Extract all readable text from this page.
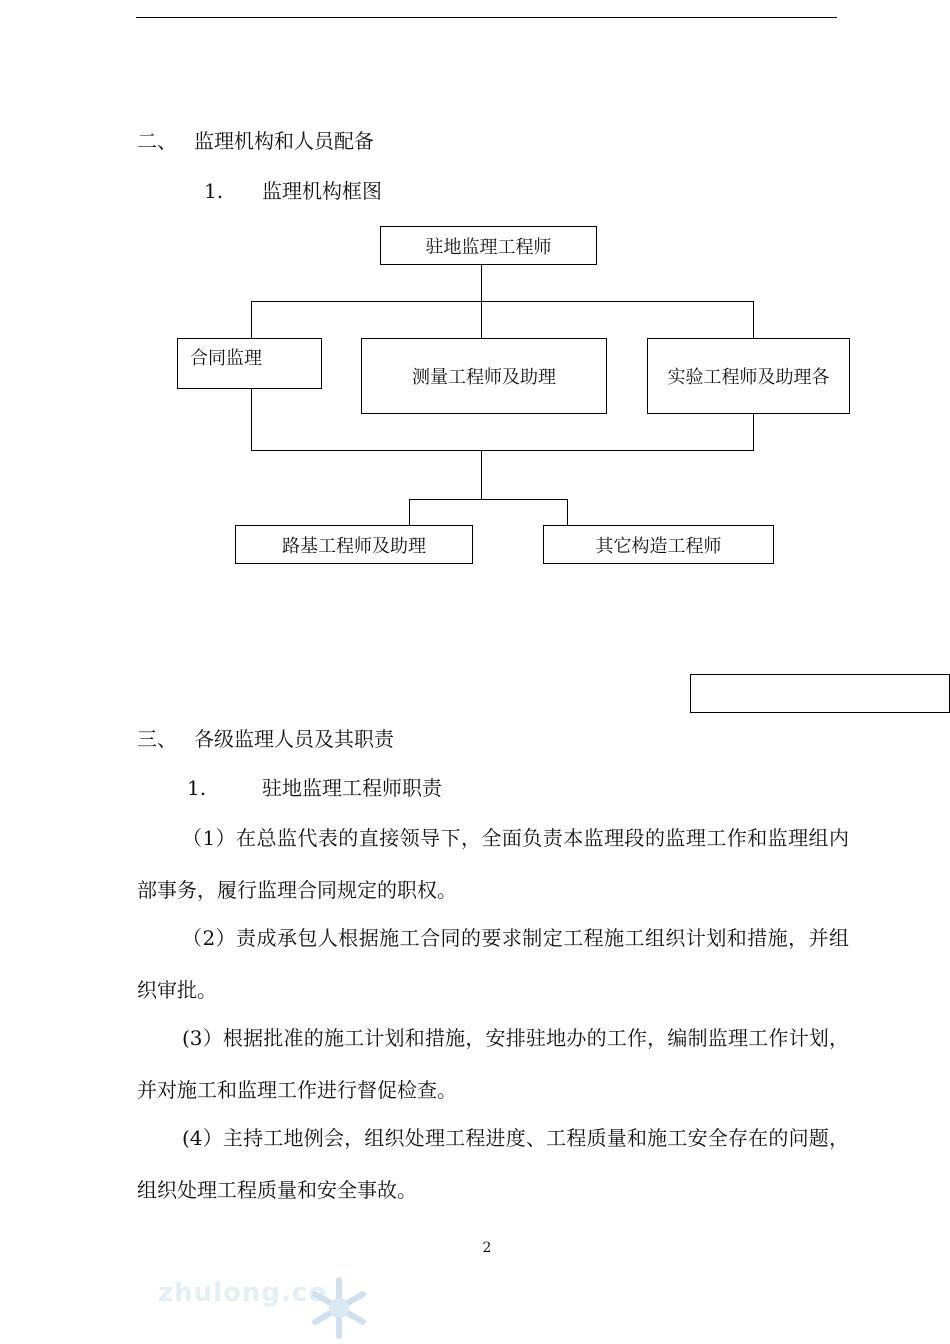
二、 监理机构和人员配备
1. 监理机构框图
驻地监理工程师
合同监理
测量工程师及助理	实验工程师及助理各
路基工程师及助理	其它构造工程师
三、 各级监理人员及其职责
1.	驻地监理工程师职责
（1）在总监代表的直接领导下，全面负责本监理段的监理工作和监理组内部事务，履行监理合同规定的职权。
（2）责成承包人根据施工合同的要求制定工程施工组织计划和措施，并组织审批。
(3）根据批准的施工计划和措施，安排驻地办的工作，编制监理工作计划，并对施工和监理工作进行督促检查。
(4）主持工地例会，组织处理工程进度、工程质量和施工安全存在的问题，组织处理工程质量和安全事故。
2
zhulong.co
